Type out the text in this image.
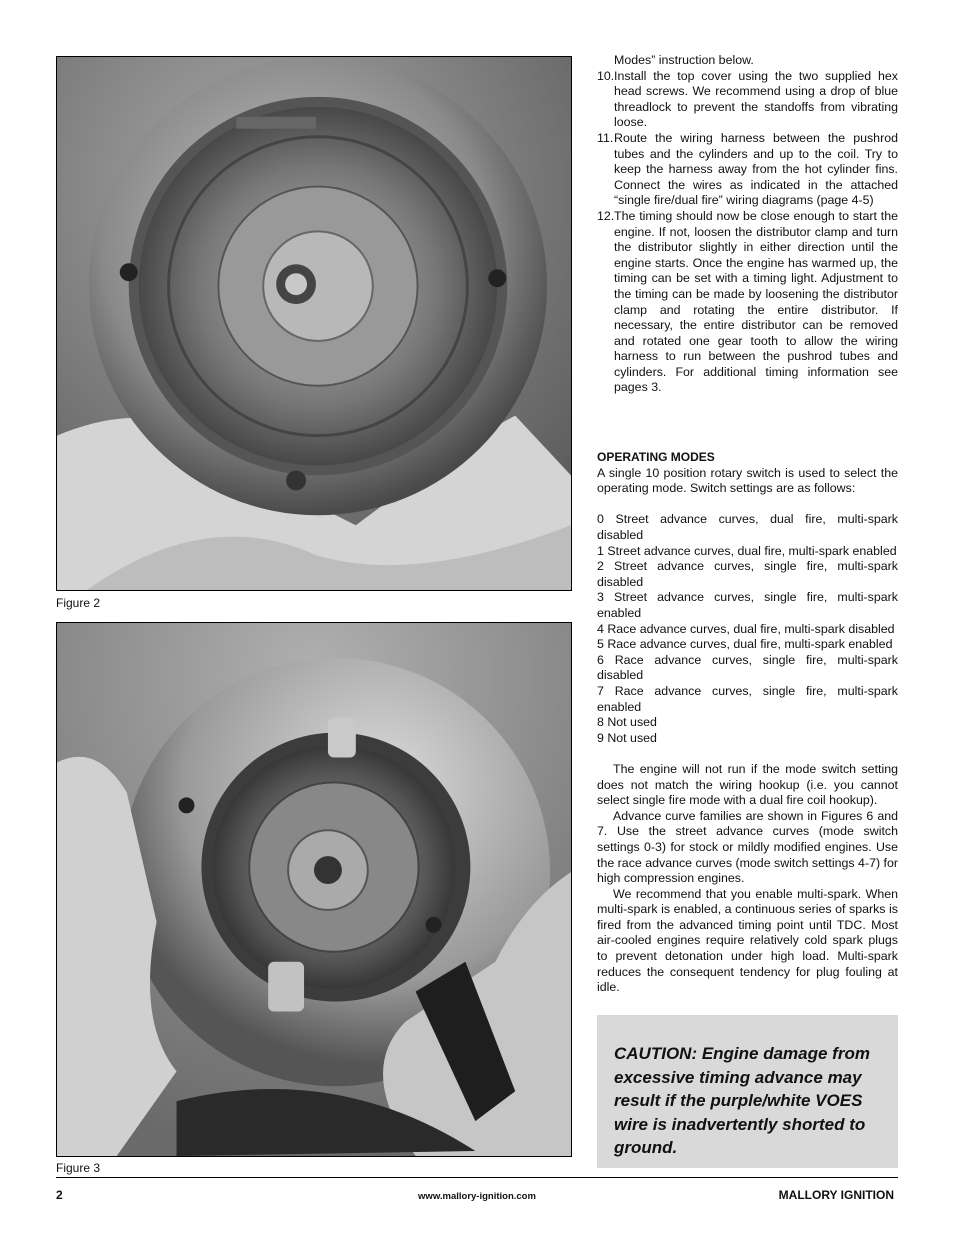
Figure 2
Figure 3

Modes” instruction below.

10. Install the top cover using the two supplied hex head screws. We recommend using a drop of blue threadlock to prevent the standoffs from vibrating loose.
11. Route the wiring harness between the pushrod tubes and the cylinders and up to the coil. Try to keep the harness away from the hot cylinder fins. Connect the wires as indicated in the attached “single fire/dual fire” wiring diagrams (page 4-5)
12. The timing should now be close enough to start the engine. If not, loosen the distributor clamp and turn the distributor slightly in either direction until the engine starts. Once the engine has warmed up, the timing can be set with a timing light. Adjustment to the timing can be made by loosening the distributor clamp and rotating the entire distributor. If necessary, the entire distributor can be removed and rotated one gear tooth to allow the wiring harness to run between the pushrod tubes and cylinders. For additional timing information see pages 3.

OPERATING MODES

A single 10 position rotary switch is used to select the operating mode. Switch settings are as follows:

0 Street advance curves, dual fire, multi-spark disabled

1 Street advance curves, dual fire, multi-spark enabled

2 Street advance curves, single fire, multi-spark disabled

3 Street advance curves, single fire, multi-spark enabled

4 Race advance curves, dual fire, multi-spark disabled

5 Race advance curves, dual fire, multi-spark enabled

6 Race advance curves, single fire, multi-spark disabled

7 Race advance curves, single fire, multi-spark enabled

8 Not used

9 Not used

The engine will not run if the mode switch setting does not match the wiring hookup (i.e. you cannot select single fire mode with a dual fire coil hookup).

Advance curve families are shown in Figures 6 and 7. Use the street advance curves (mode switch settings 0-3) for stock or mildly modified engines. Use the race advance curves (mode switch settings 4-7) for high compression engines.

We recommend that you enable multi-spark. When multi-spark is enabled, a continuous series of sparks is fired from the advanced timing point until TDC. Most air-cooled engines require relatively cold spark plugs to prevent detonation under high load. Multi-spark reduces the consequent tendency for plug fouling at idle.

CAUTION: Engine damage from excessive timing advance may result if the purple/white VOES wire is inadvertently shorted to ground.
2	www.mallory-ignition.com	MALLORY IGNITION
